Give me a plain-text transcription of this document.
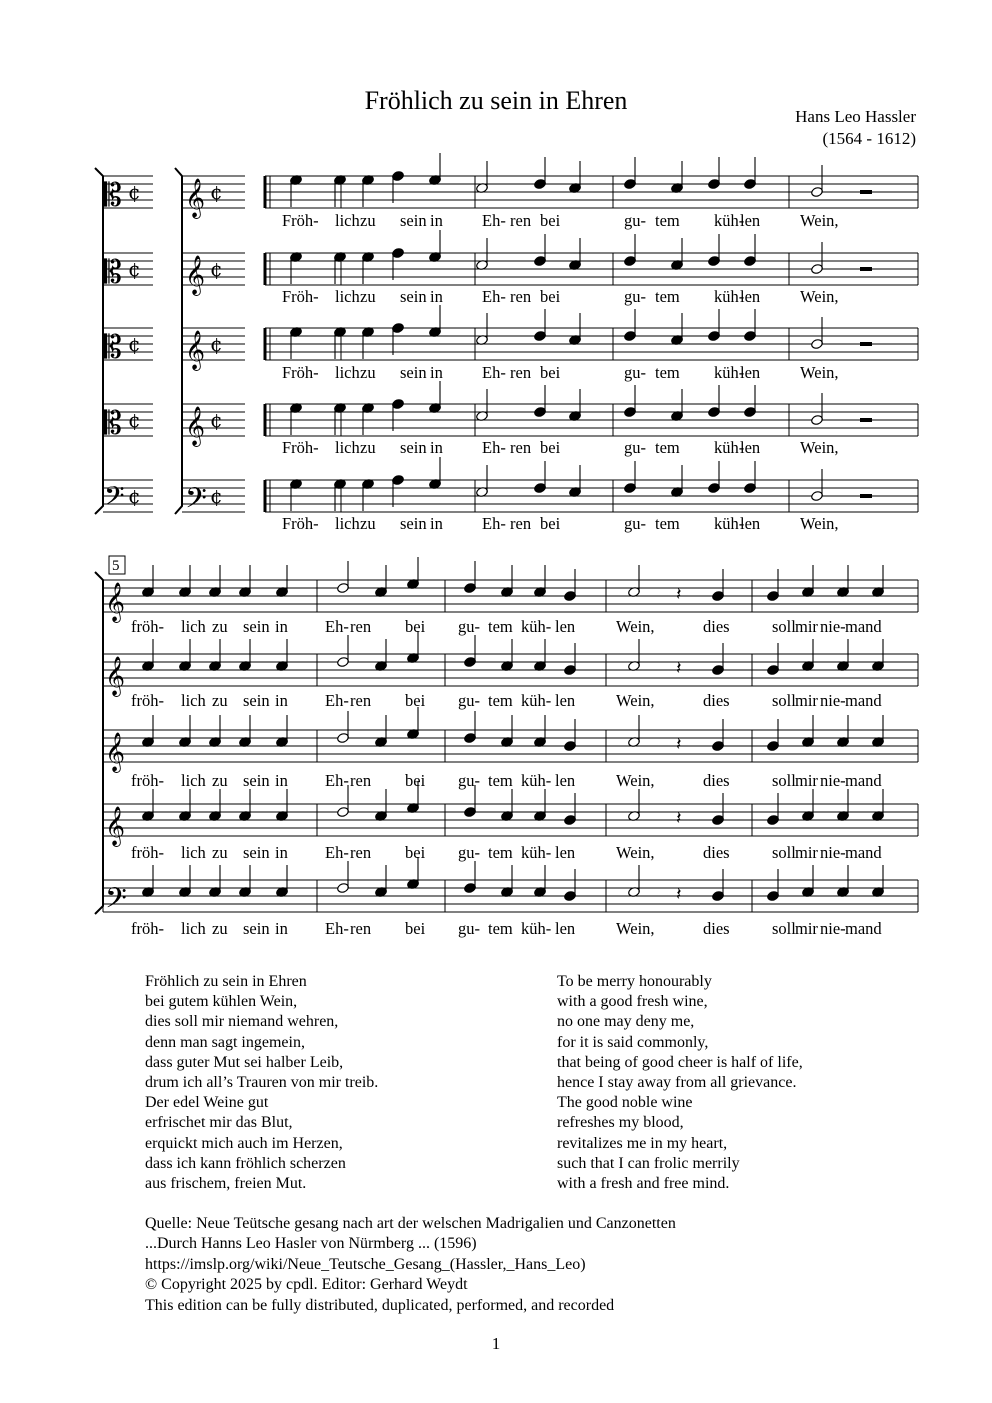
Fröhlich zu sein in Ehren
Hans Leo Hassler
(1564 - 1612)
𝄡 ¢ 𝄞 ¢
Fröh- lich zu sein in Eh- ren bei	gu- tem küh-
len Wein,
𝄡 ¢ 𝄞 ¢
Fröh- lich zu sein in Eh- ren bei	gu- tem küh-
len Wein,
𝄡 ¢ 𝄞 ¢
Fröh- lich zu sein in Eh- ren bei	gu- tem küh-
len Wein,
𝄡 ¢ 𝄞 ¢
Fröh- lich zu sein in Eh- ren bei	gu- tem küh-
len Wein,
𝄢 ¢ 𝄢 ¢
Fröh- lich zu sein in Eh- ren bei	gu- tem küh-
len Wein,
𝄞	𝄽
fröh- lich zu sein in Eh- ren bei gu- tem küh- len Wein,	dies	soll mir nie- mand
𝄞	𝄽
fröh- lich zu sein in Eh- ren bei gu- tem küh- len Wein,	dies	soll mir nie- mand
𝄞	𝄽
fröh- lich zu sein in Eh- ren bei gu- tem küh- len Wein,	dies	soll mir nie- mand
𝄞	𝄽
fröh- lich zu sein in Eh- ren bei gu- tem küh- len Wein,	dies	soll mir nie- mand
𝄢	𝄽
fröh- lich zu sein in Eh- ren bei gu- tem küh- len Wein,	dies	soll mir nie- mand
5
Fröhlich zu sein in Ehren
bei gutem kühlen Wein,
dies soll mir niemand wehren,
denn man sagt ingemein,
dass guter Mut sei halber Leib,
drum ich all’s Trauren von mir treib.
Der edel Weine gut
erfrischet mir das Blut,
erquickt mich auch im Herzen,
dass ich kann fröhlich scherzen
aus frischem, freien Mut.
To be merry honourably
with a good fresh wine,
no one may deny me,
for it is said commonly,
that being of good cheer is half of life,
hence I stay away from all grievance.
The good noble wine
refreshes my blood,
revitalizes me in my heart,
such that I can frolic merrily
with a fresh and free mind.
Quelle: Neue Teütsche gesang nach art der welschen Madrigalien und Canzonetten
...Durch Hanns Leo Hasler von Nürmberg ... (1596)
https://imslp.org/wiki/Neue_Teutsche_Gesang_(Hassler,_Hans_Leo)
© Copyright 2025 by cpdl. Editor: Gerhard Weydt
This edition can be fully distributed, duplicated, performed, and recorded
1
